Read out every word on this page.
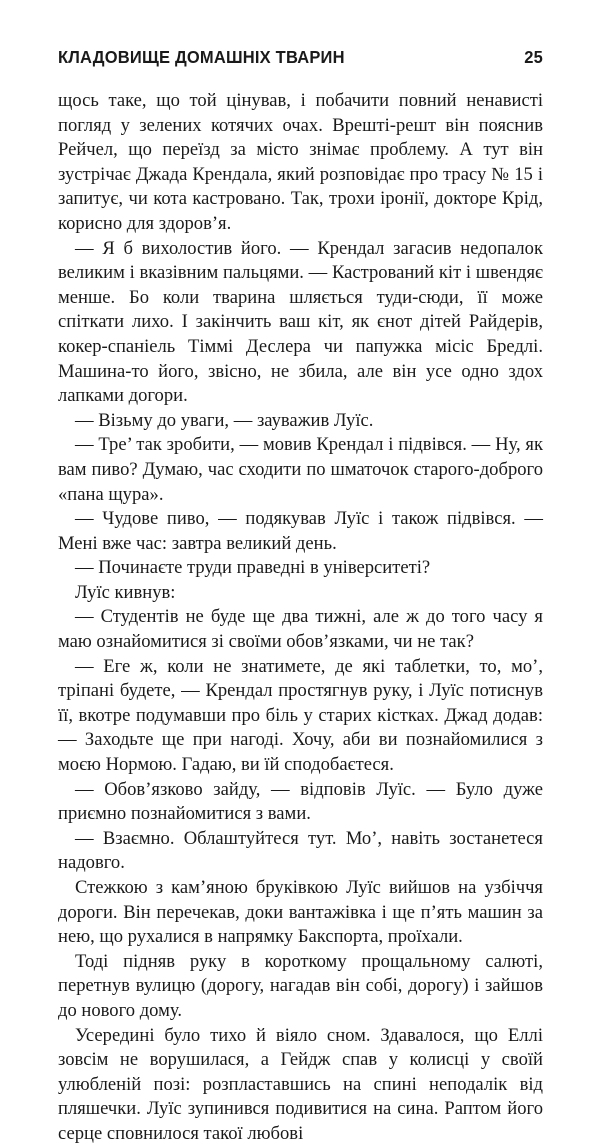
КЛАДОВИЩЕ ДОМАШНІХ ТВАРИН	25

щось таке, що той цінував, і побачити повний ненависті погляд у зелених котячих очах. Врешті-решт він пояснив Рейчел, що переїзд за місто знімає проблему. А тут він зустрічає Джада Крендала, який розповідає про трасу № 15 і запитує, чи кота кастровано. Так, трохи іронії, докторе Крід, корисно для здоров’я.

— Я б вихолостив його. — Крендал загасив недопалок великим і вказівним пальцями. — Кастрований кіт і швендяє менше. Бо коли тварина шляється туди-сюди, її може спіткати лихо. І закінчить ваш кіт, як єнот дітей Райдерів, кокер-спаніель Тіммі Деслера чи папужка місіс Бредлі. Машина-то його, звісно, не збила, але він усе одно здох лапками догори.

— Візьму до уваги, — зауважив Луїс.

— Тре’ так зробити, — мовив Крендал і підвівся. — Ну, як вам пиво? Думаю, час сходити по шматочок старого-доброго «пана щура».

— Чудове пиво, — подякував Луїс і також підвівся. — Мені вже час: завтра великий день.

— Починаєте труди праведні в університеті?

Луїс кивнув:

— Студентів не буде ще два тижні, але ж до того часу я маю ознайомитися зі своїми обов’язками, чи не так?

— Еге ж, коли не знатимете, де які таблетки, то, мо’, тріпані будете, — Крендал простягнув руку, і Луїс потиснув її, вкотре подумавши про біль у старих кістках. Джад додав: — Заходьте ще при нагоді. Хочу, аби ви познайомилися з моєю Нормою. Гадаю, ви їй сподобаєтеся.

— Обов’язково зайду, — відповів Луїс. — Було дуже приємно познайомитися з вами.

— Взаємно. Облаштуйтеся тут. Мо’, навіть зостанетеся надовго.

Стежкою з кам’яною бруківкою Луїс вийшов на узбіччя дороги. Він перечекав, доки вантажівка і ще п’ять машин за нею, що рухалися в напрямку Бакспорта, проїхали.

Тоді підняв руку в короткому прощальному салюті, перетнув вулицю (дорогу, нагадав він собі, дорогу) і зайшов до нового дому.

Усередині було тихо й віяло сном. Здавалося, що Еллі зовсім не ворушилася, а Гейдж спав у колисці у своїй улюбленій позі: розпластавшись на спині неподалік від пляшечки. Луїс зупинився подивитися на сина. Раптом його серце сповнилося такої любові
